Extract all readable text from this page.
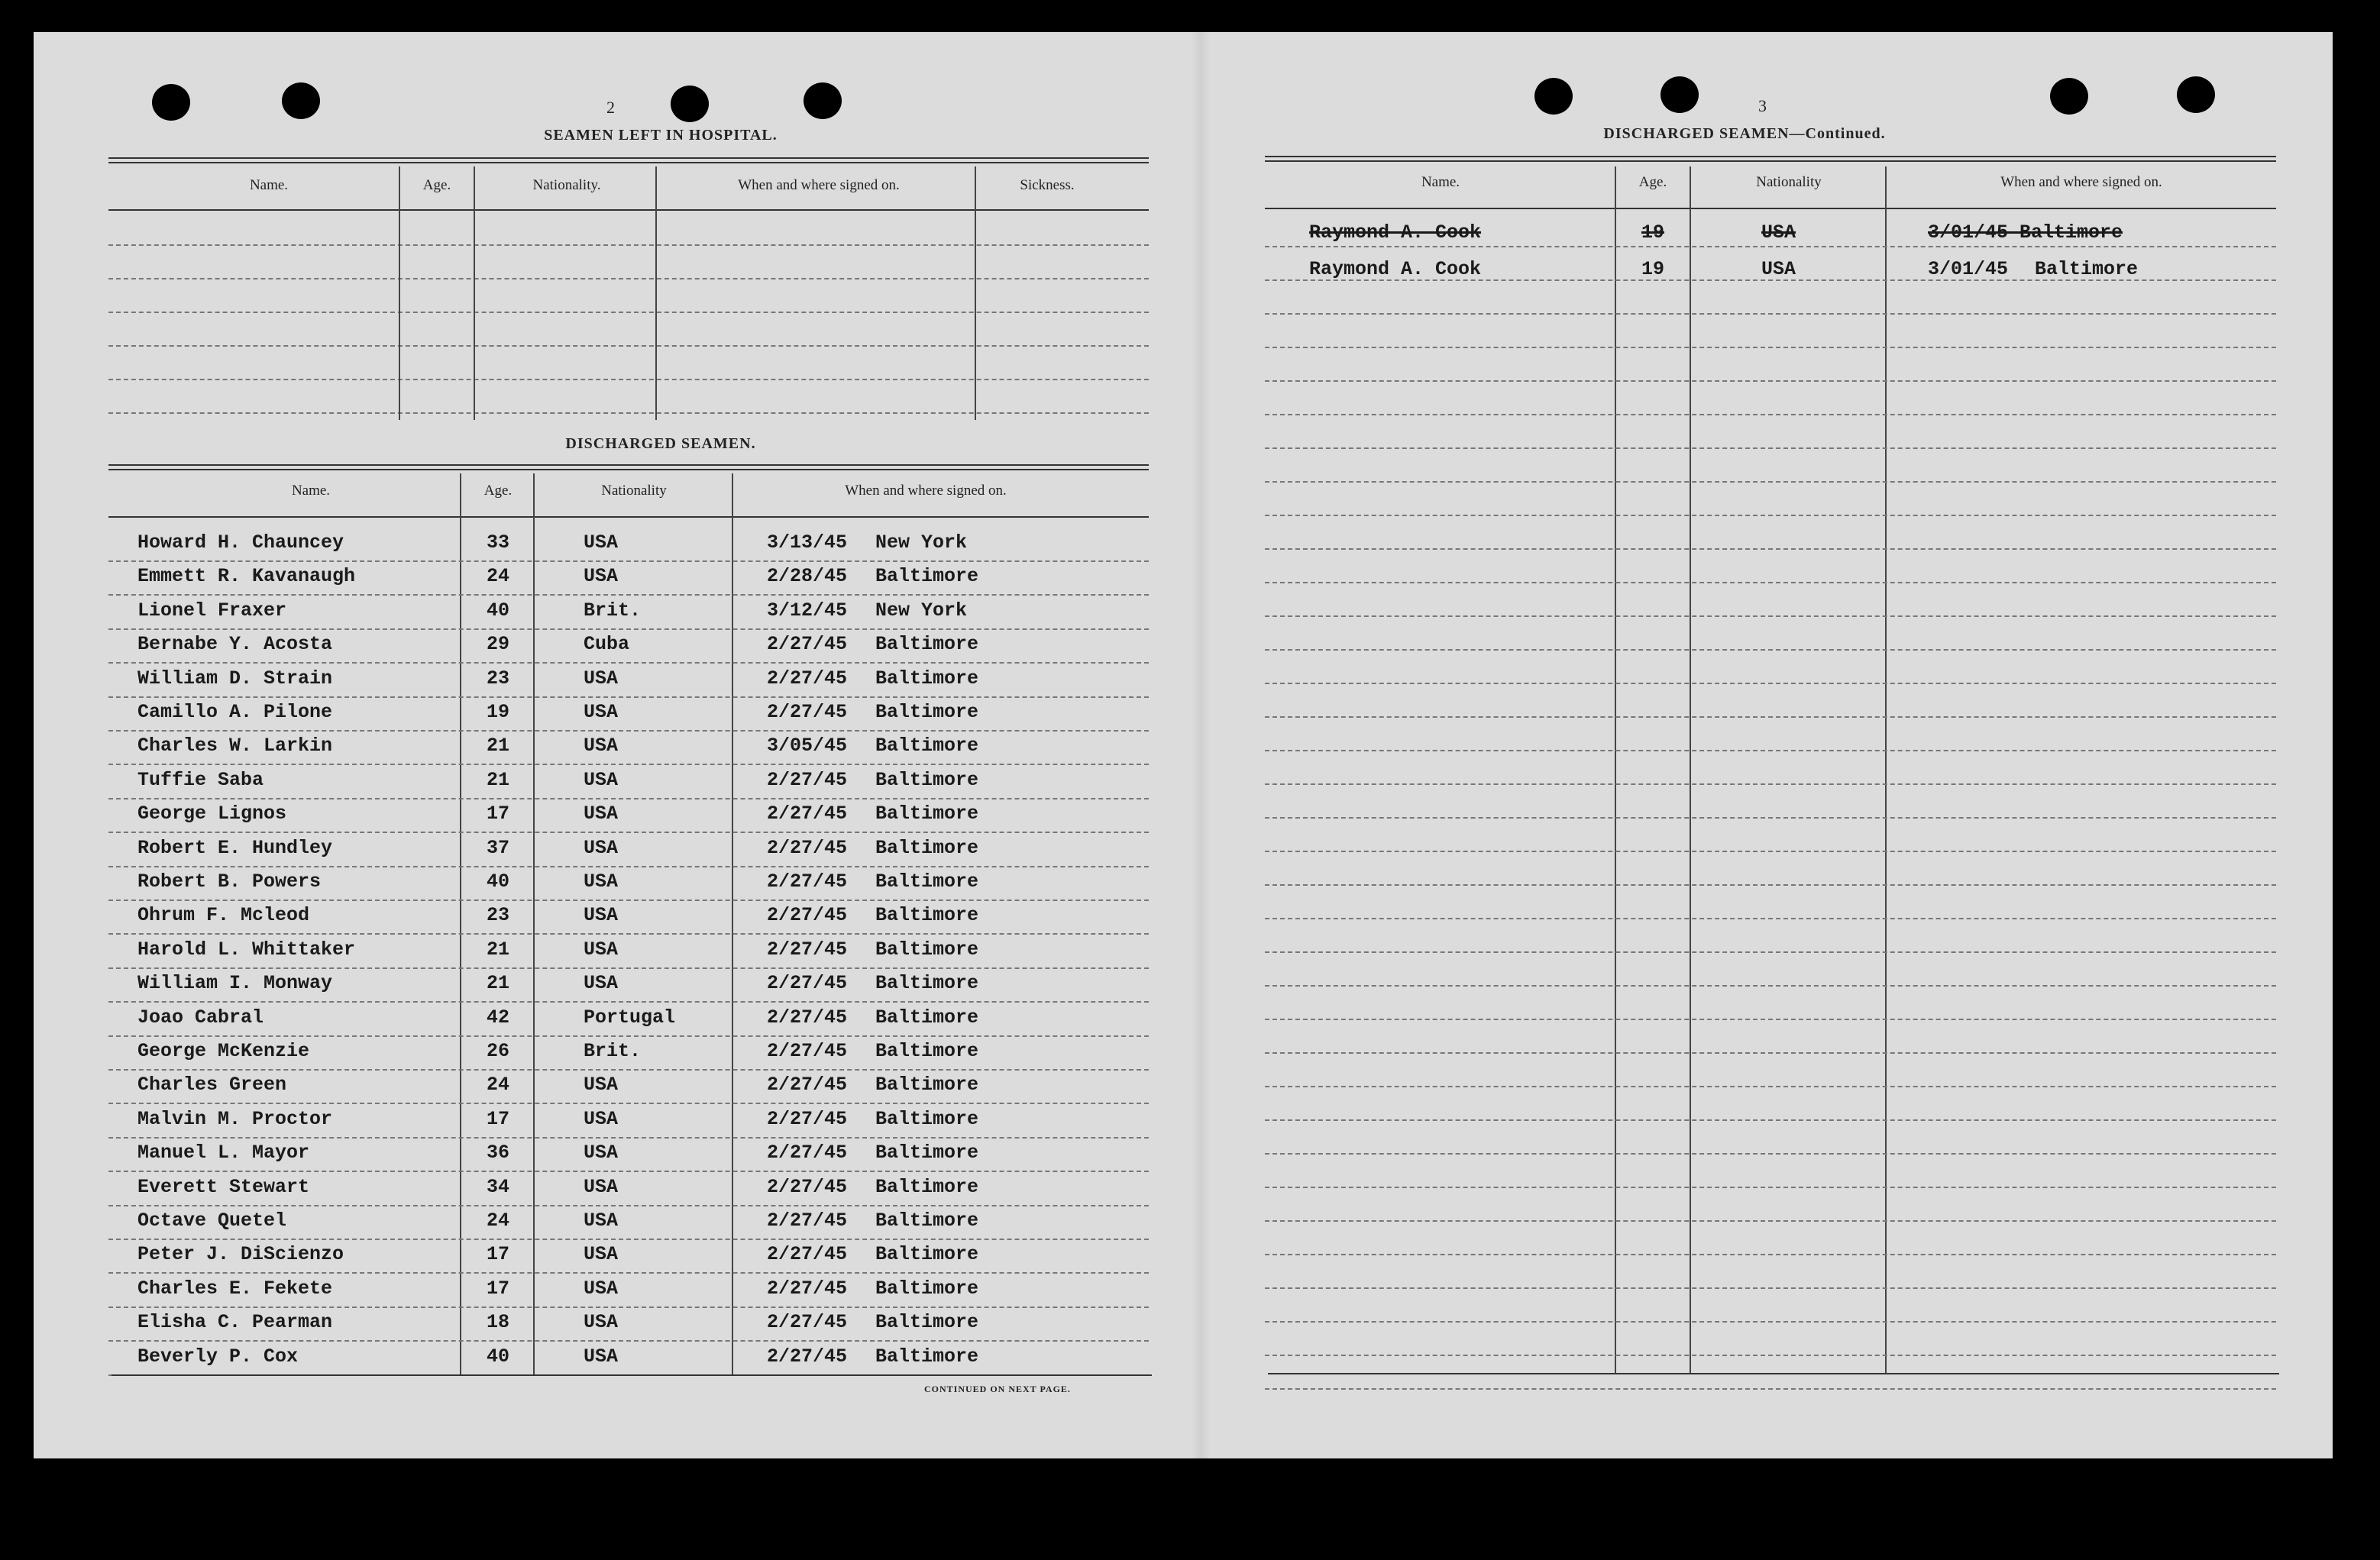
2
SEAMEN LEFT IN HOSPITAL.
Name.	Age.	Nationality.	When and where signed on.	Sickness.
DISCHARGED SEAMEN.
Name.	Age.	Nationality	When and where signed on.
Howard H. Chauncey	33	USA	3/13/45 New York
Emmett R. Kavanaugh	24	USA	2/28/45 Baltimore
Lionel Fraxer	40	Brit.	3/12/45 New York
Bernabe Y. Acosta	29	Cuba	2/27/45 Baltimore
William D. Strain	23	USA	2/27/45 Baltimore
Camillo A. Pilone	19	USA	2/27/45 Baltimore
Charles W. Larkin	21	USA	3/05/45 Baltimore
Tuffie Saba	21	USA	2/27/45 Baltimore
George Lignos	17	USA	2/27/45 Baltimore
Robert E. Hundley	37	USA	2/27/45 Baltimore
Robert B. Powers	40	USA	2/27/45 Baltimore
Ohrum F. Mcleod	23	USA	2/27/45 Baltimore
Harold L. Whittaker	21	USA	2/27/45 Baltimore
William I. Monway	21	USA	2/27/45 Baltimore
Joao Cabral	42	Portugal	2/27/45 Baltimore
George McKenzie	26	Brit.	2/27/45 Baltimore
Charles Green	24	USA	2/27/45 Baltimore
Malvin M. Proctor	17	USA	2/27/45 Baltimore
Manuel L. Mayor	36	USA	2/27/45 Baltimore
Everett Stewart	34	USA	2/27/45 Baltimore
Octave Quetel	24	USA	2/27/45 Baltimore
Peter J. DiScienzo	17	USA	2/27/45 Baltimore
Charles E. Fekete	17	USA	2/27/45 Baltimore
Elisha C. Pearman	18	USA	2/27/45 Baltimore
Beverly P. Cox	40	USA	2/27/45 Baltimore
CONTINUED ON NEXT PAGE.
3
DISCHARGED SEAMEN—Continued.
Name.	Age.	Nationality	When and where signed on.
Raymond A. Cook	19	USA	3/01/45 Baltimore
Raymond A. Cook	19	USA	3/01/45 Baltimore
